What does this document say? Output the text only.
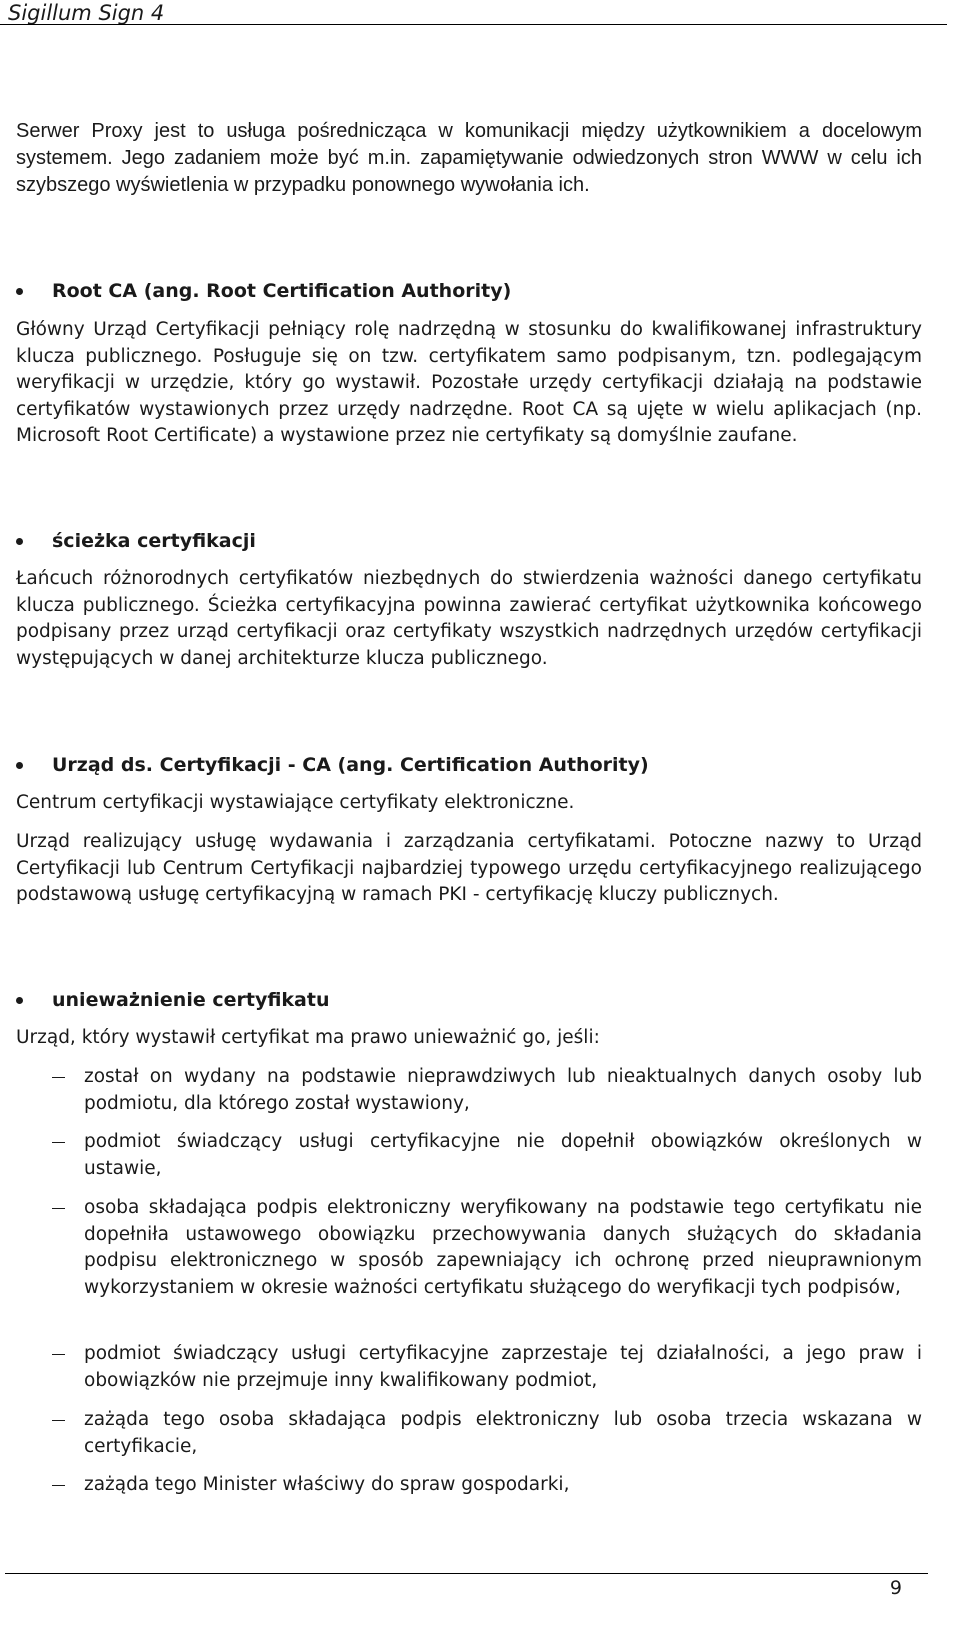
Sigillum Sign 4

Serwer Proxy jest to usługa pośrednicząca w komunikacji między użytkownikiem a docelowym systemem. Jego zadaniem może być m.in. zapamiętywanie odwiedzonych stron WWW w celu ich szybszego wyświetlenia w przypadku ponownego wywołania ich.

Root CA (ang. Root Certification Authority)

Główny Urząd Certyfikacji pełniący rolę nadrzędną w stosunku do kwalifikowanej infrastruktury klucza publicznego. Posługuje się on tzw. certyfikatem samo podpisanym, tzn. podlegającym weryfikacji w urzędzie, który go wystawił. Pozostałe urzędy certyfikacji działają na podstawie certyfikatów wystawionych przez urzędy nadrzędne. Root CA są ujęte w wielu aplikacjach (np. Microsoft Root Certificate) a wystawione przez nie certyfikaty są domyślnie zaufane.

ścieżka certyfikacji

Łańcuch różnorodnych certyfikatów niezbędnych do stwierdzenia ważności danego certyfikatu klucza publicznego. Ścieżka certyfikacyjna powinna zawierać certyfikat użytkownika końcowego podpisany przez urząd certyfikacji oraz certyfikaty wszystkich nadrzędnych urzędów certyfikacji występujących w danej architekturze klucza publicznego.

Urząd ds. Certyfikacji - CA (ang. Certification Authority)

Centrum certyfikacji wystawiające certyfikaty elektroniczne.

Urząd realizujący usługę wydawania i zarządzania certyfikatami. Potoczne nazwy to Urząd Certyfikacji lub Centrum Certyfikacji najbardziej typowego urzędu certyfikacyjnego realizującego podstawową usługę certyfikacyjną w ramach PKI - certyfikację kluczy publicznych.

unieważnienie certyfikatu

Urząd, który wystawił certyfikat ma prawo unieważnić go, jeśli:

został on wydany na podstawie nieprawdziwych lub nieaktualnych danych osoby lub podmiotu, dla którego został wystawiony,
podmiot świadczący usługi certyfikacyjne nie dopełnił obowiązków określonych w ustawie,
osoba składająca podpis elektroniczny weryfikowany na podstawie tego certyfikatu nie dopełniła ustawowego obowiązku przechowywania danych służących do składania podpisu elektronicznego w sposób zapewniający ich ochronę przed nieuprawnionym wykorzystaniem w okresie ważności certyfikatu służącego do weryfikacji tych podpisów,
podmiot świadczący usługi certyfikacyjne zaprzestaje tej działalności, a jego praw i obowiązków nie przejmuje inny kwalifikowany podmiot,
zażąda tego osoba składająca podpis elektroniczny lub osoba trzecia wskazana w certyfikacie,
zażąda tego Minister właściwy do spraw gospodarki,
9
